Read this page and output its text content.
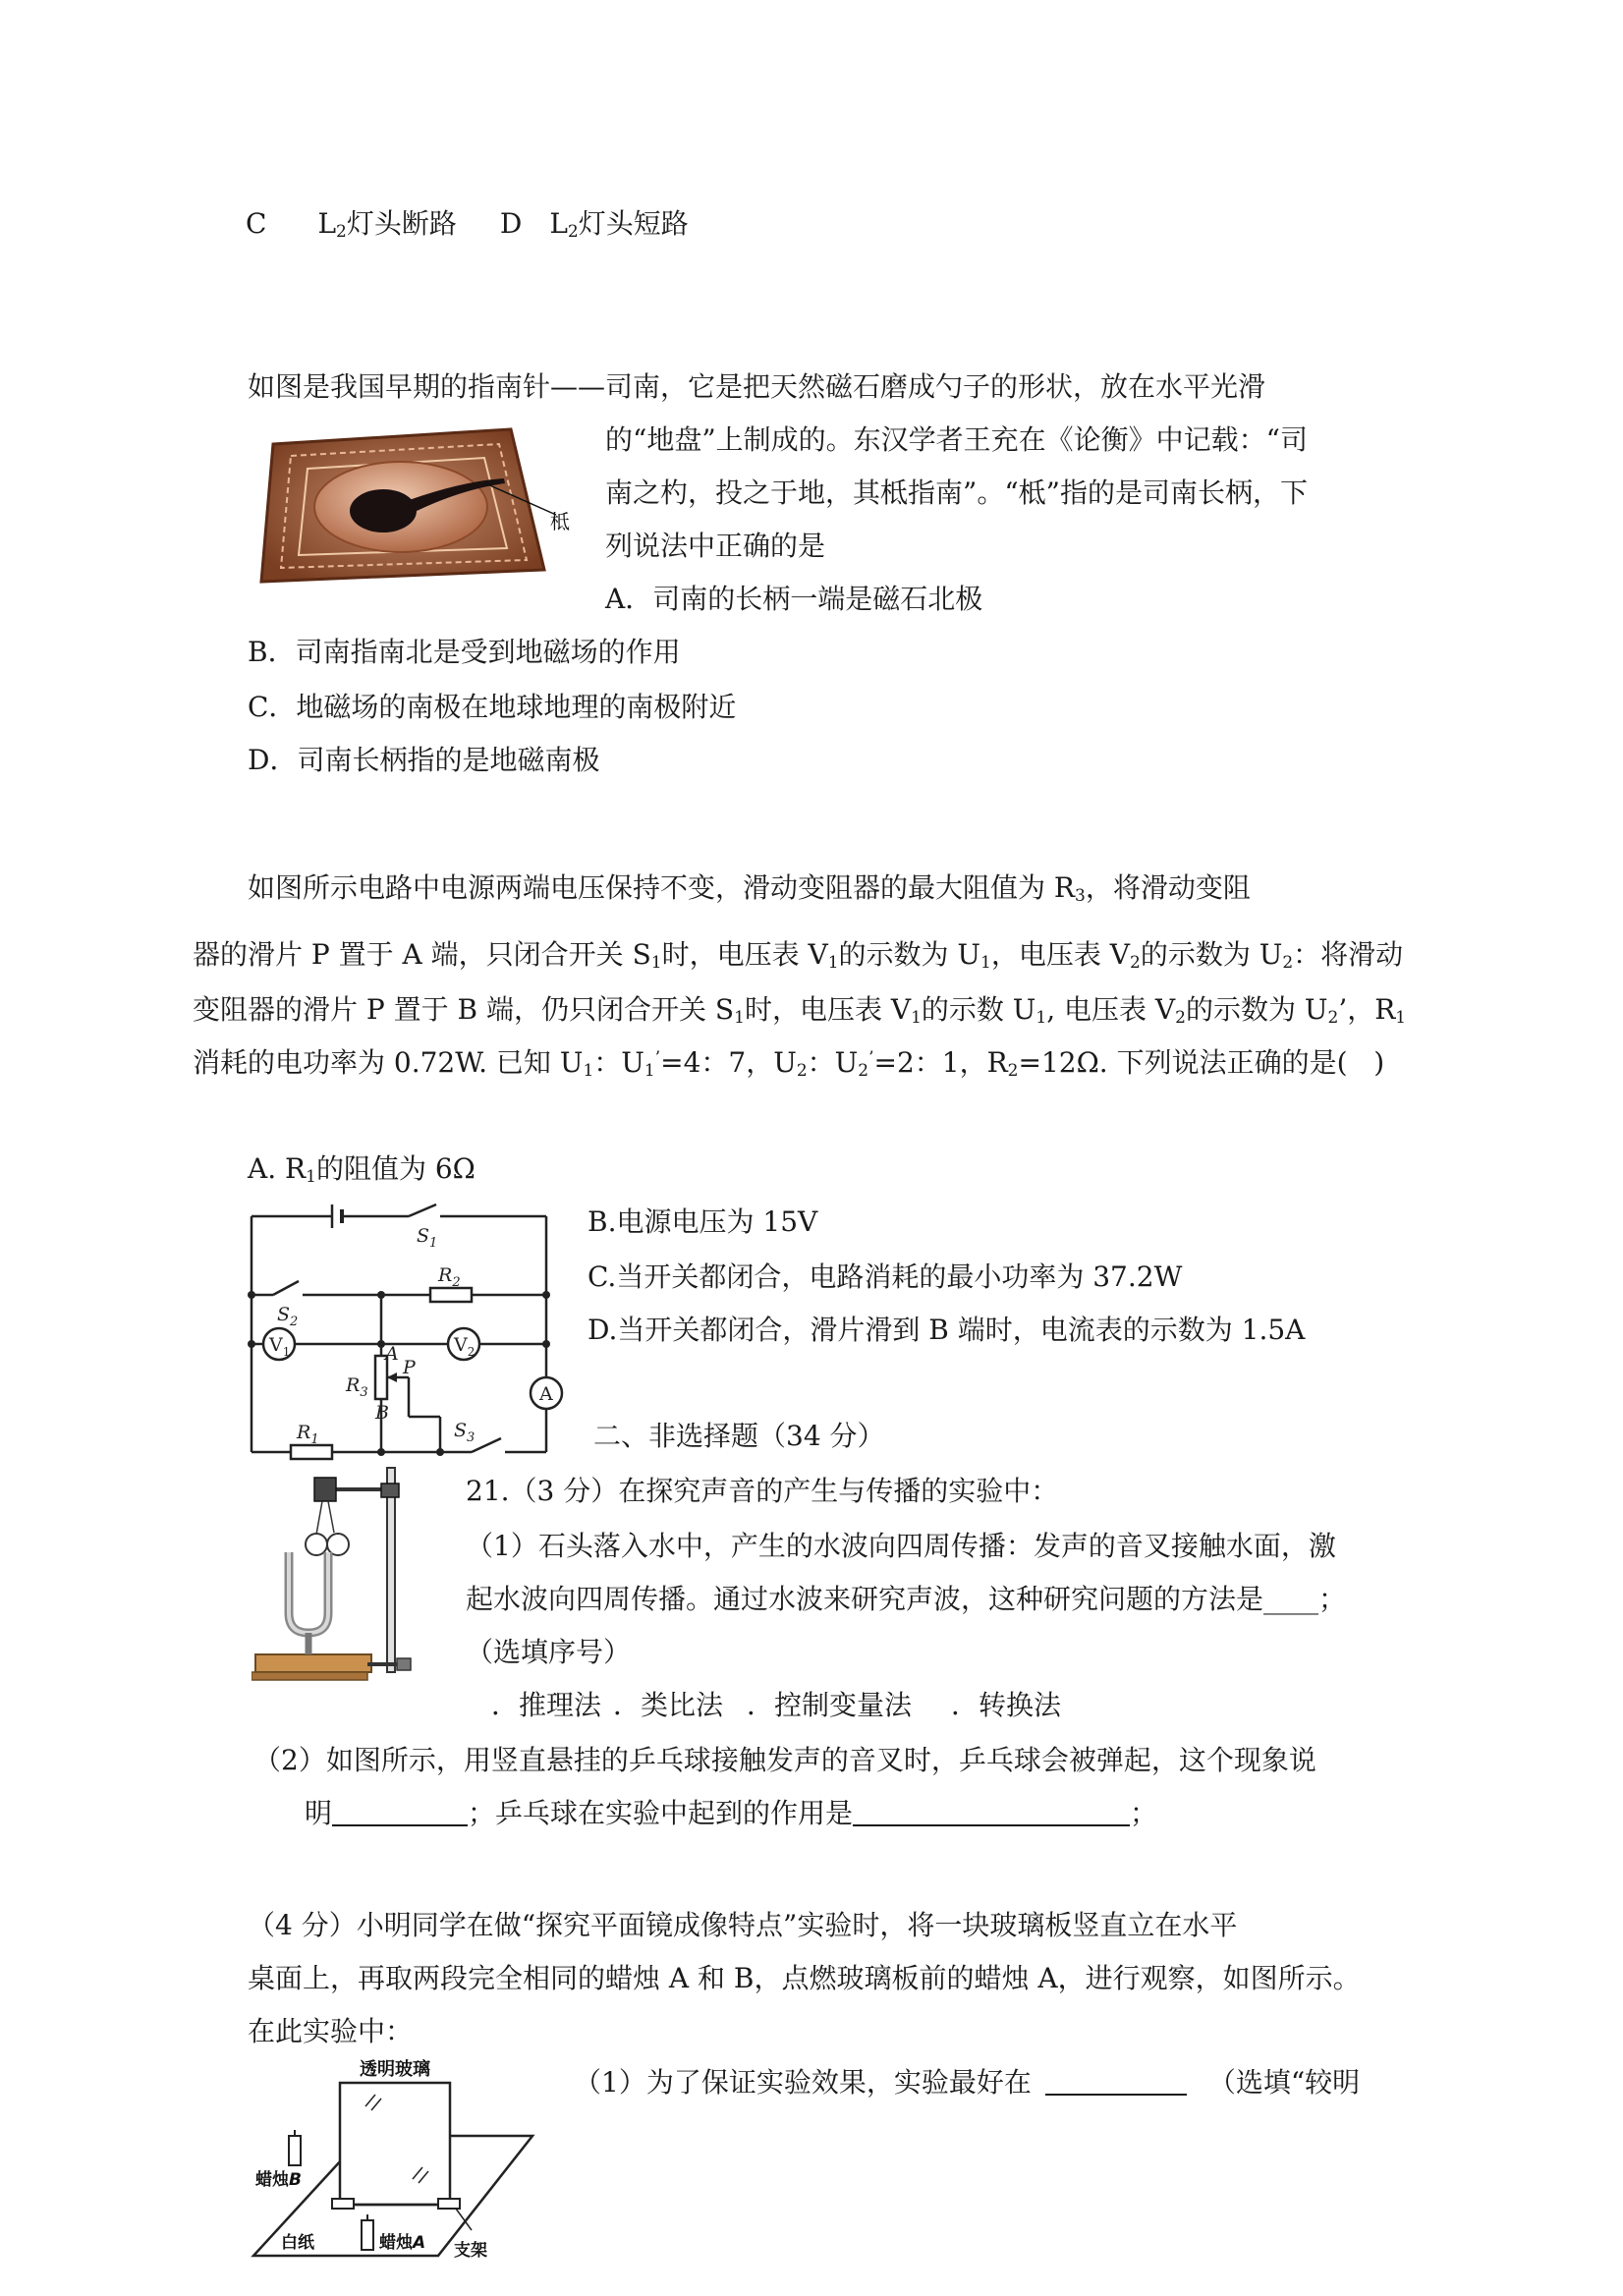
C $L_2$灯头断路 D $L_2$灯头短路
如图是我国早期的指南针——司南，它是把天然磁石磨成勺子的形状，放在水平光滑
柢
的“地盘”上制成的。东汉学者王充在《论衡》中记载：“司
南之杓，投之于地，其柢指南”。“柢”指的是司南长柄，下
列说法中正确的是
A．司南的长柄一端是磁石北极
B．司南指南北是受到地磁场的作用
C．地磁场的南极在地球地理的南极附近
D．司南长柄指的是地磁南极
如图所示电路中电源两端电压保持不变，滑动变阻器的最大阻值为 $R_3$，将滑动变阻
器的滑片 P 置于 A 端，只闭合开关 $S_1$时，电压表 $V_1$的示数为 $U_1$，电压表 $V_2$的示数为 $U_2$：将滑动
变阻器的滑片 P 置于 B 端，仍只闭合开关 $S_1$时，电压表 $V_1$的示数 $U_1$, 电压表 $V_2$的示数为 $U_2$’，$R_1$
消耗的电功率为 0.72W. 已知 $U_1$：$U_1^’=4$：7，$U_2$：$U_2^’=2$：1，$R_2=12\Omega$. 下列说法正确的是(   )
A. $R_1$的阻值为 6Ω
$S_1$
$S_2$
$R_2$
$V_1$	$V_2$
$R_3$
A
B
P
A
$R_1$	$S_3$
B.电源电压为 15V
C.当开关都闭合，电路消耗的最小功率为 37.2W
D.当开关都闭合，滑片滑到 B 端时，电流表的示数为 1.5A
二、非选择题（34 分）
21.（3 分）在探究声音的产生与传播的实验中：
（1）石头落入水中，产生的水波向四周传播：发声的音叉接触水面，激
起水波向四周传播。通过水波来研究声波，这种研究问题的方法是____；
（选填序号）
．推理法 ．类比法 ．控制变量法 ．转换法
（2）如图所示，用竖直悬挂的乒乓球接触发声的音叉时，乒乓球会被弹起，这个现象说
明	；乒乓球在实验中起到的作用是	；
（4 分）小明同学在做“探究平面镜成像特点”实验时，将一块玻璃板竖直立在水平
桌面上，再取两段完全相同的蜡烛 A 和 B，点燃玻璃板前的蜡烛 A，进行观察，如图所示。
在此实验中：
透明玻璃
蜡烛B
白纸	蜡烛A 支架
（1）为了保证实验效果，实验最好在	（选填“较明
